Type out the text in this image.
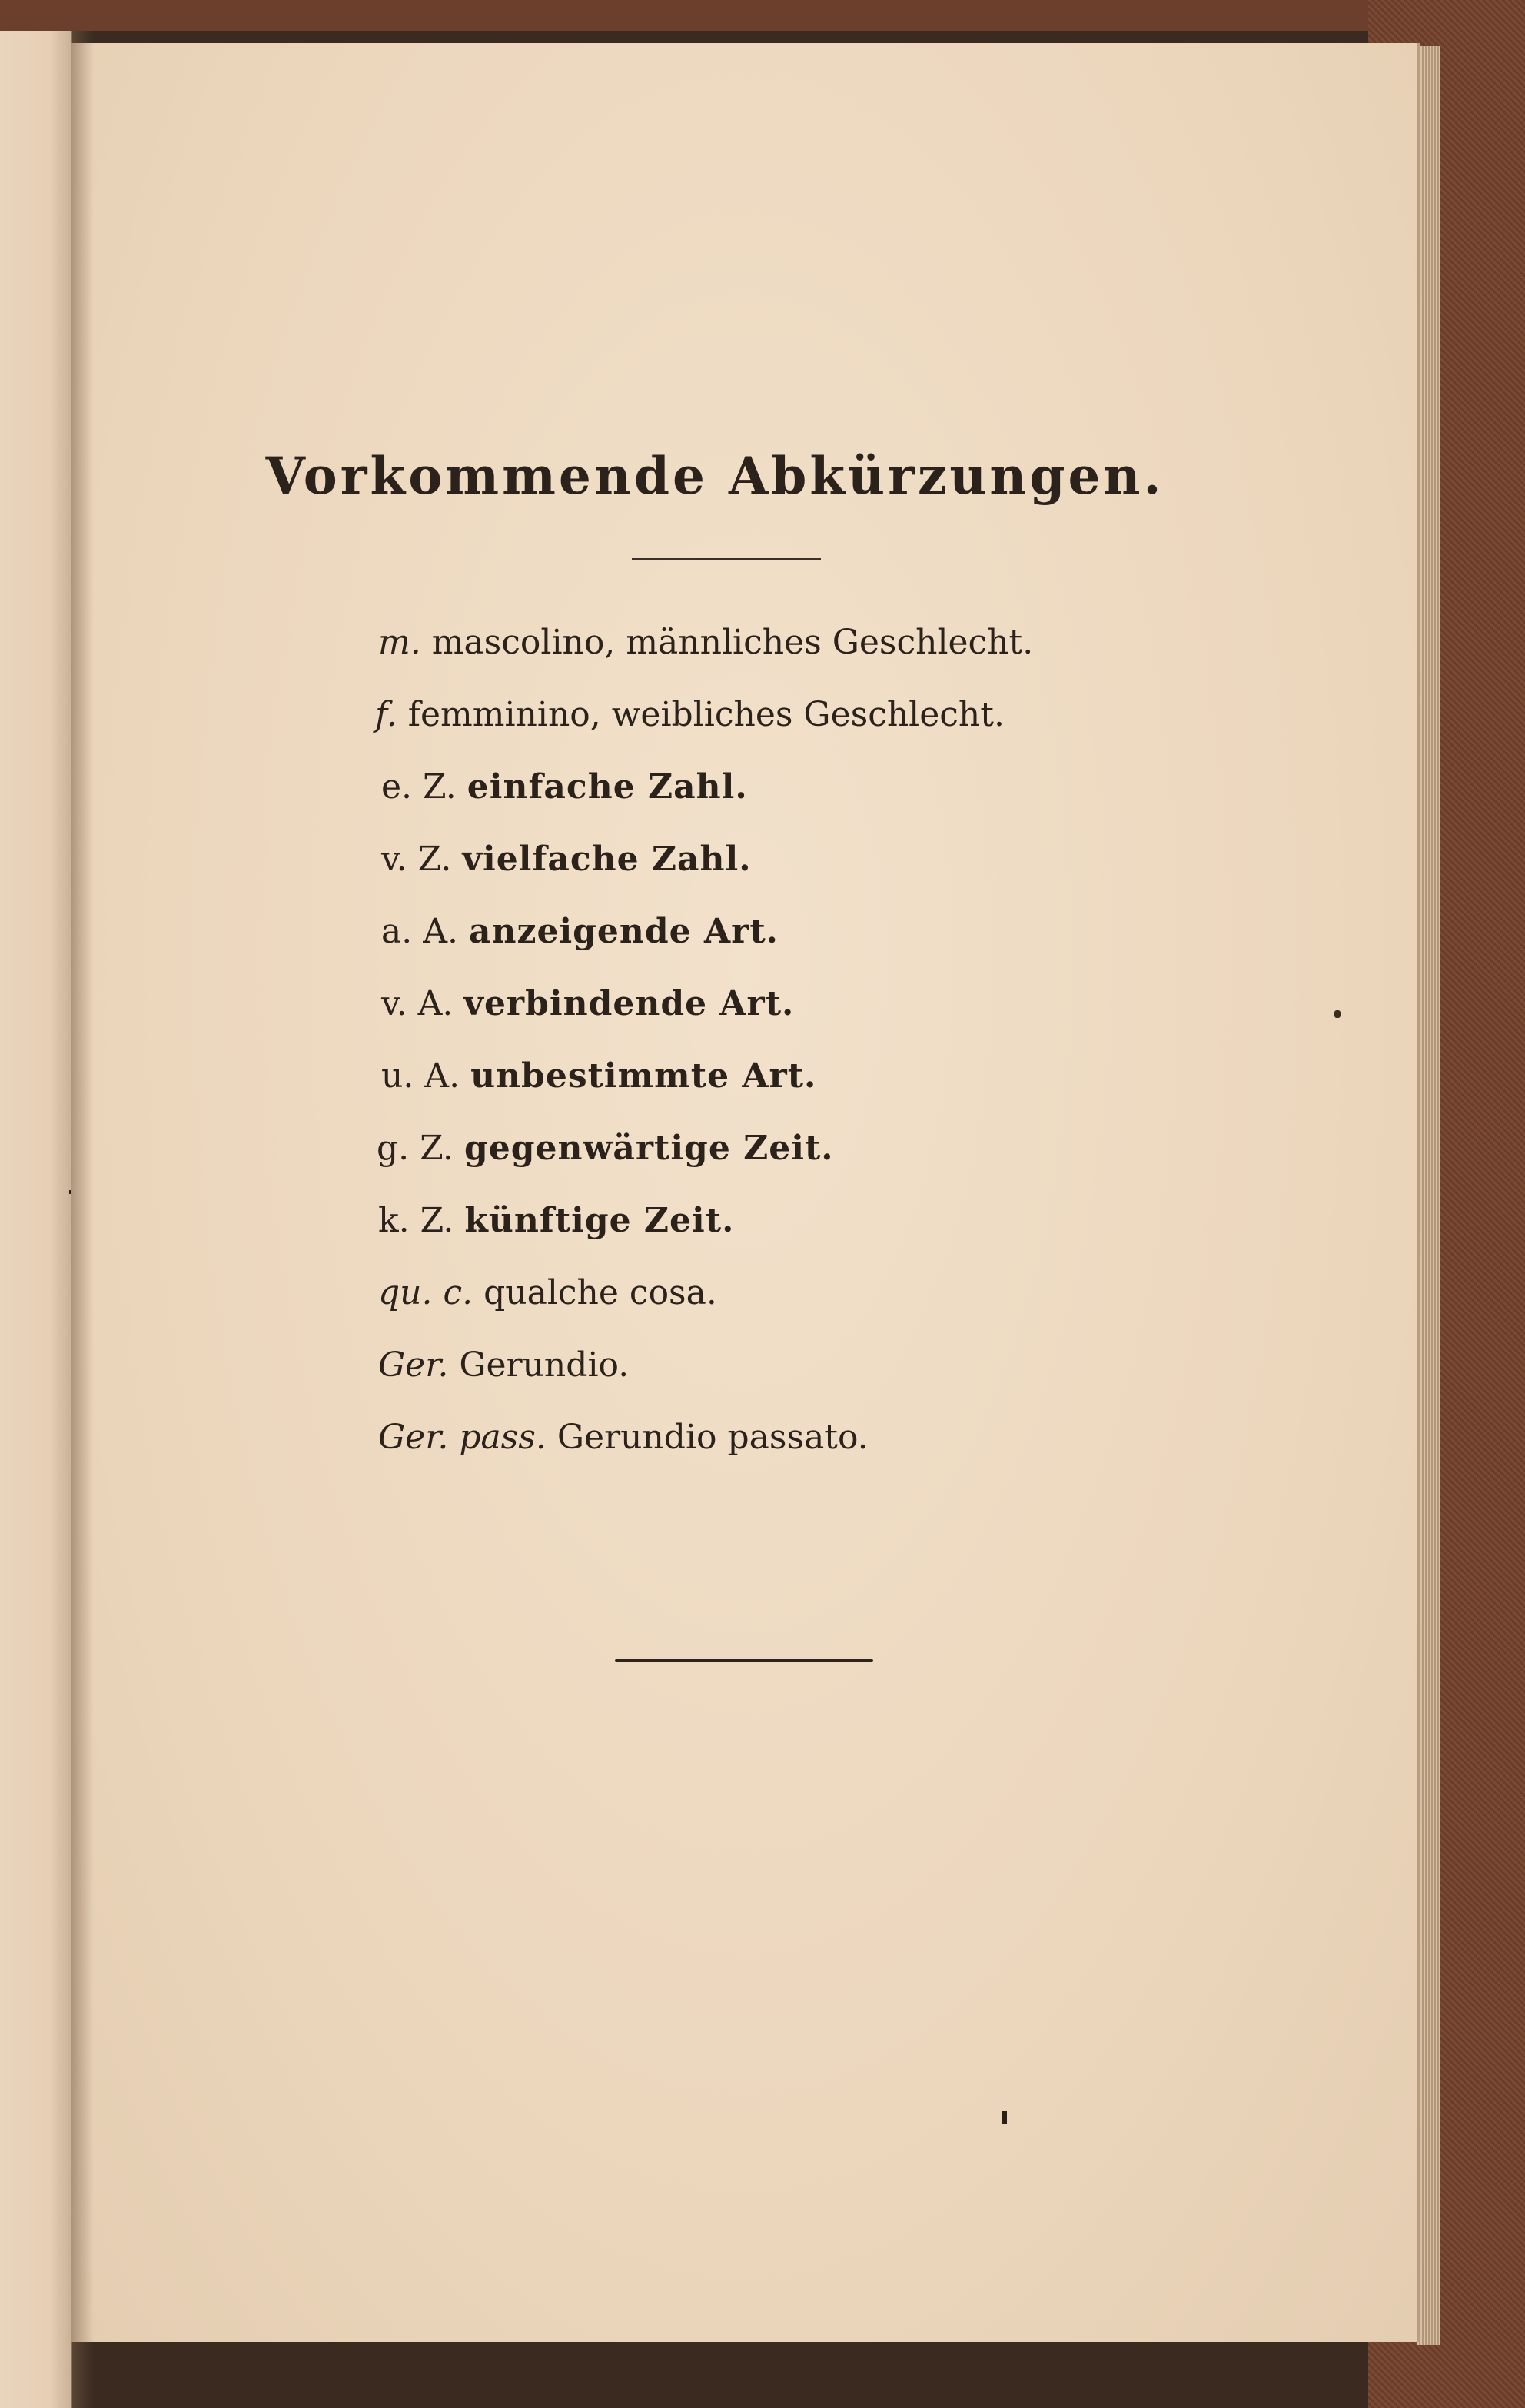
Vorkommende Abkürzungen.
m. mascolino, männliches Geschlecht.
f. femminino, weibliches Geschlecht.
e. Z. einfache Zahl.
v. Z. vielfache Zahl.
a. A. anzeigende Art.
v. A. verbindende Art.
u. A. unbestimmte Art.
g. Z. gegenwärtige Zeit.
k. Z. künftige Zeit.
qu. c. qualche cosa.
Ger. Gerundio.
Ger. pass. Gerundio passato.
